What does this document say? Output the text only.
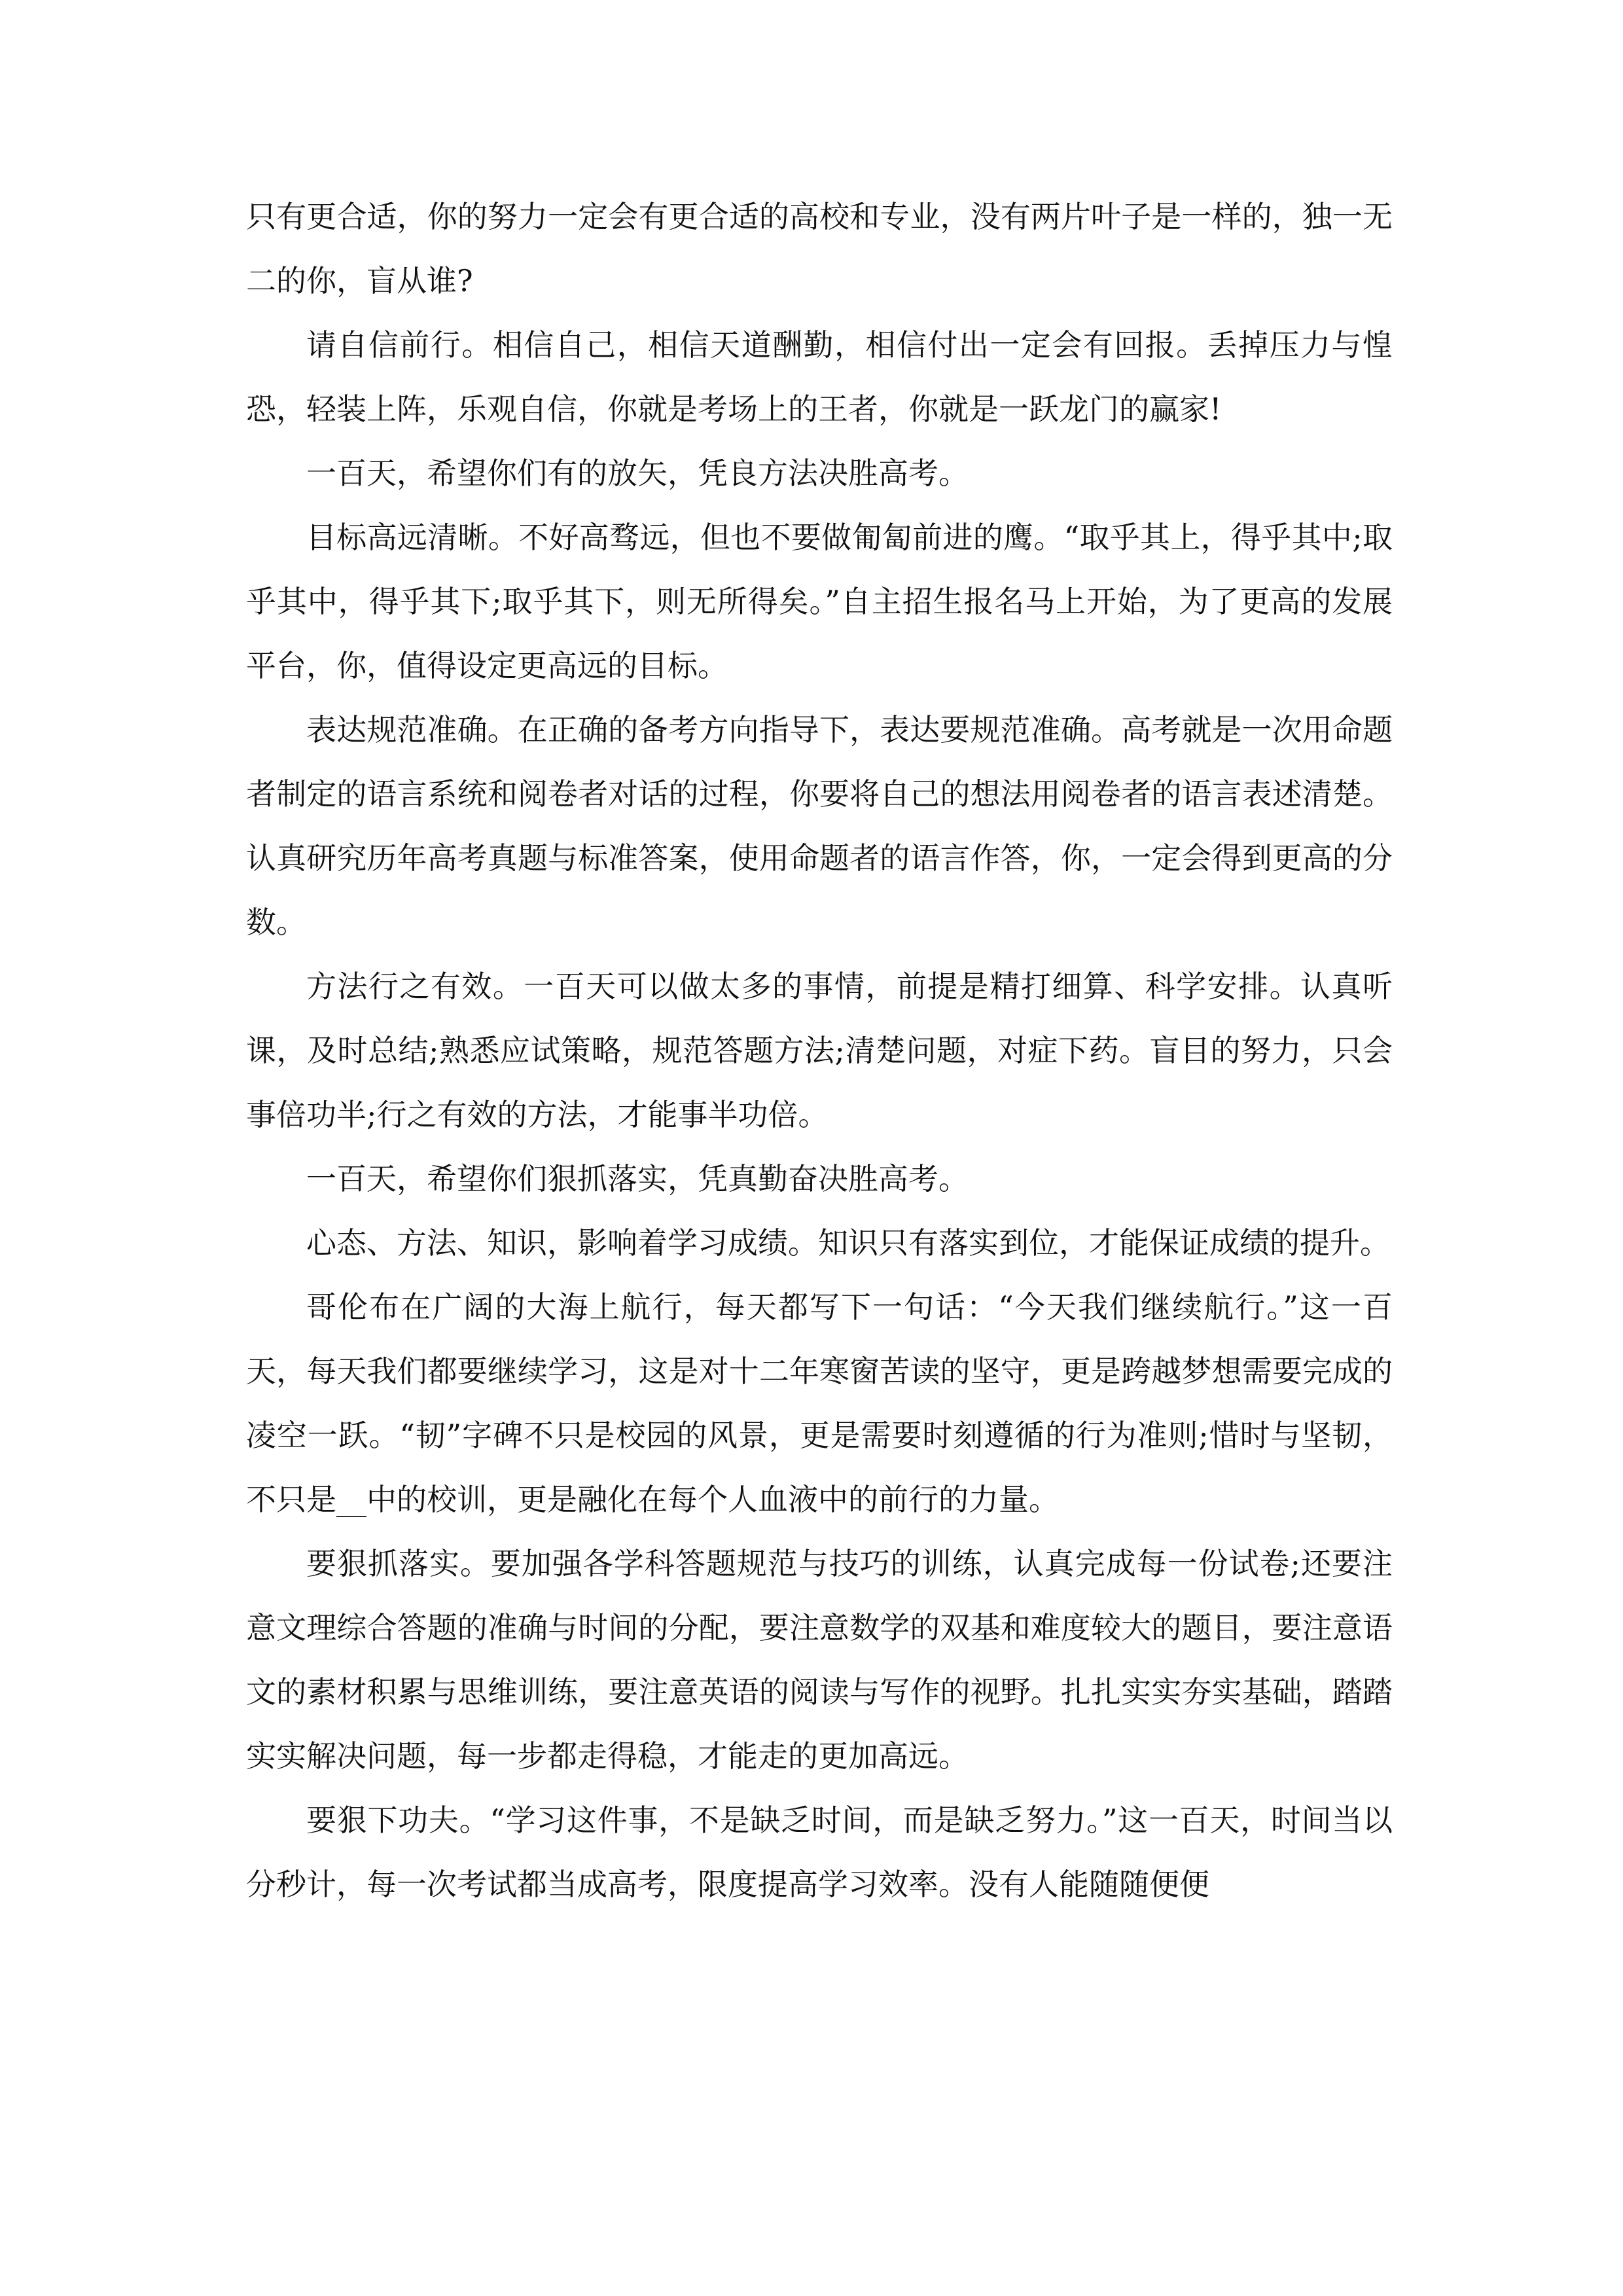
只有更合适，你的努力一定会有更合适的高校和专业，没有两片叶子是一样的，独一无二的你，盲从谁?

请自信前行。相信自己，相信天道酬勤，相信付出一定会有回报。丢掉压力与惶恐，轻装上阵，乐观自信，你就是考场上的王者，你就是一跃龙门的赢家!

一百天，希望你们有的放矢，凭良方法决胜高考。

目标高远清晰。不好高骛远，但也不要做匍匐前进的鹰。“取乎其上，得乎其中;取乎其中，得乎其下;取乎其下，则无所得矣。”自主招生报名马上开始，为了更高的发展平台，你，值得设定更高远的目标。

表达规范准确。在正确的备考方向指导下，表达要规范准确。高考就是一次用命题者制定的语言系统和阅卷者对话的过程，你要将自己的想法用阅卷者的语言表述清楚。认真研究历年高考真题与标准答案，使用命题者的语言作答，你，一定会得到更高的分数。

方法行之有效。一百天可以做太多的事情，前提是精打细算、科学安排。认真听课，及时总结;熟悉应试策略，规范答题方法;清楚问题，对症下药。盲目的努力，只会事倍功半;行之有效的方法，才能事半功倍。

一百天，希望你们狠抓落实，凭真勤奋决胜高考。

心态、方法、知识，影响着学习成绩。知识只有落实到位，才能保证成绩的提升。

哥伦布在广阔的大海上航行，每天都写下一句话：“今天我们继续航行。”这一百天，每天我们都要继续学习，这是对十二年寒窗苦读的坚守，更是跨越梦想需要完成的凌空一跃。“韧”字碑不只是校园的风景，更是需要时刻遵循的行为准则;惜时与坚韧，不只是__中的校训，更是融化在每个人血液中的前行的力量。

要狠抓落实。要加强各学科答题规范与技巧的训练，认真完成每一份试卷;还要注意文理综合答题的准确与时间的分配，要注意数学的双基和难度较大的题目，要注意语文的素材积累与思维训练，要注意英语的阅读与写作的视野。扎扎实实夯实基础，踏踏实实解决问题，每一步都走得稳，才能走的更加高远。

要狠下功夫。“学习这件事，不是缺乏时间，而是缺乏努力。”这一百天，时间当以分秒计，每一次考试都当成高考，限度提高学习效率。没有人能随随便便
